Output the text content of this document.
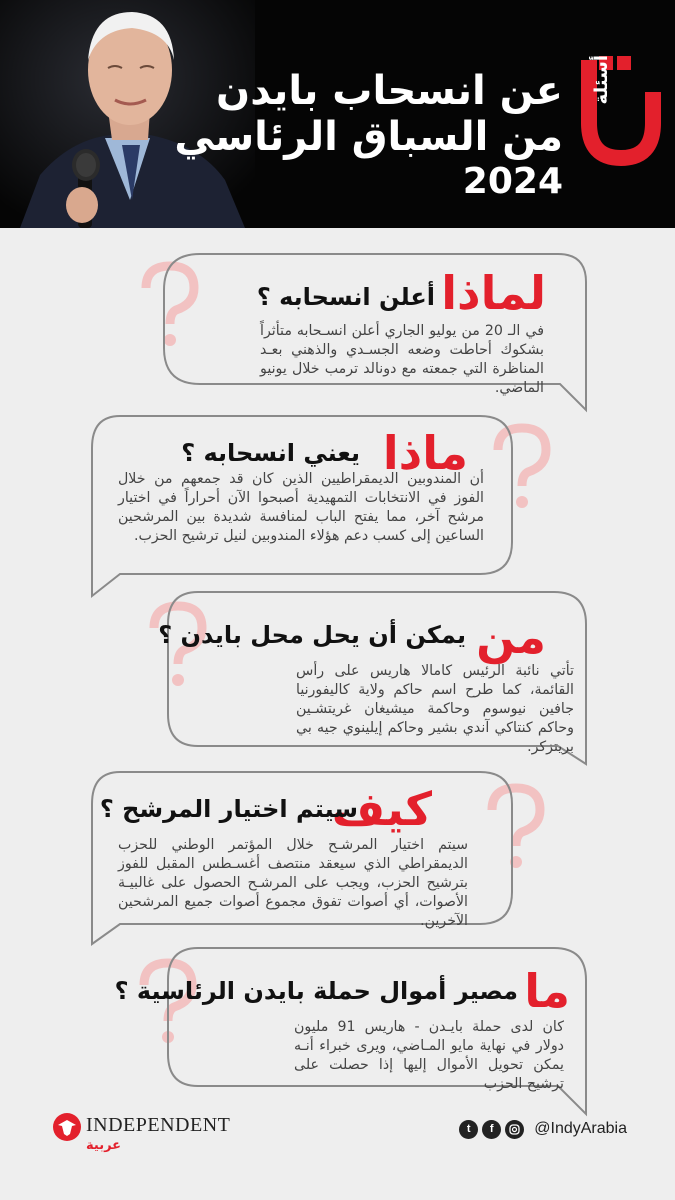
عن انسحاب بايدن
من السباق الرئاسي
2024
أسئلة
لماذا
أعلن انسحابه ؟
في الـ 20 من يوليو الجاري أعلن انسـحابه متأثراً بشكوك أحاطت وضعه الجسـدي والذهني بعـد المناظرة التي جمعته مع دونالد ترمب خلال يونيو الماضي.
ماذا
يعني انسحابه ؟
أن المندوبين الديمقراطيين الذين كان قد جمعهم من خلال الفوز في الانتخابات التمهيدية أصبحوا الآن أحراراً في اختيار مرشح آخر، مما يفتح الباب لمنافسة شديدة بين المرشحين الساعين إلى كسب دعم هؤلاء المندوبين لنيل ترشيح الحزب.
من
يمكن أن يحل محل بايدن ؟
تأتي نائبة الرئيس كامالا هاريس على رأس القائمة، كما طرح اسم حاكم ولاية كاليفورنيا جافين نيوسوم وحاكمة ميشيغان غريتشـين وحاكم كنتاكي آندي بشير وحاكم إيلينوي جيه بي بريتزكر.
كيف
سيتم اختيار المرشح ؟
سيتم اختيار المرشـح خلال المؤتمر الوطني للحزب الديمقراطي الذي سيعقد منتصف أغسـطس المقبل للفوز بترشيح الحزب، ويجب على المرشـح الحصول على غالبيـة الأصوات، أي أصوات تفوق مجموع أصوات جميع المرشحين الآخرين.
ما
مصير أموال حملة بايدن الرئاسية ؟
كان لدى حملة بايـدن - هاريس 91 مليون دولار في نهاية مايو المـاضي، ويرى خبراء أنـه يمكن تحويل الأموال إليها إذا حصلت على ترشيح الحزب
INDEPENDENT
عربية
t	f	@IndyArabia
